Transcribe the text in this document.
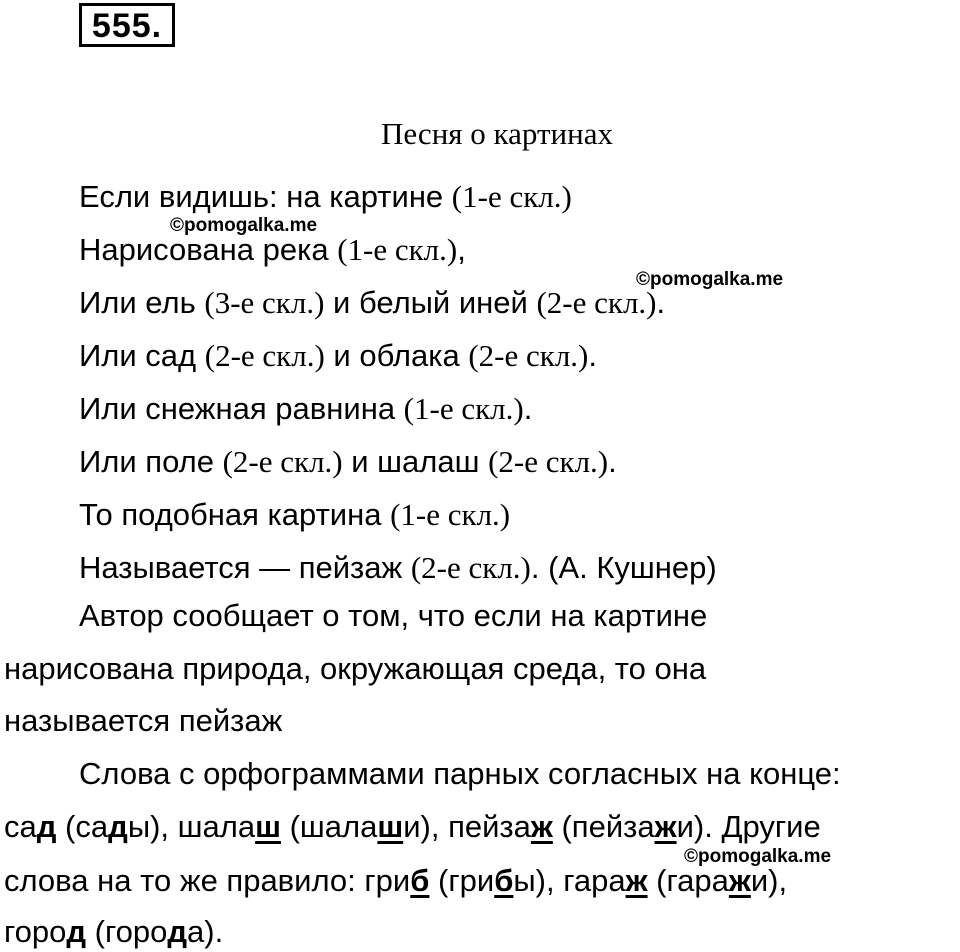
555.
Песня о картинах
Если видишь: на картине (1-е скл.)
Нарисована река (1-е скл.),
Или ель (3-е скл.) и белый иней (2-е скл.).
Или сад (2-е скл.) и облака (2-е скл.).
Или снежная равнина (1-е скл.).
Или поле (2-е скл.) и шалаш (2-е скл.).
То подобная картина (1-е скл.)
Называется — пейзаж (2-е скл.). (А. Кушнер)
Автор сообщает о том, что если на картине
нарисована природа, окружающая среда, то она
называется пейзаж
Слова с орфограммами парных согласных на конце:
сад (сады), шалаш (шалаши), пейзаж (пейзажи). Другие
слова на то же правило: гриб (грибы), гараж (гаражи),
город (города).
©pomogalka.me
©pomogalka.me
©pomogalka.me
